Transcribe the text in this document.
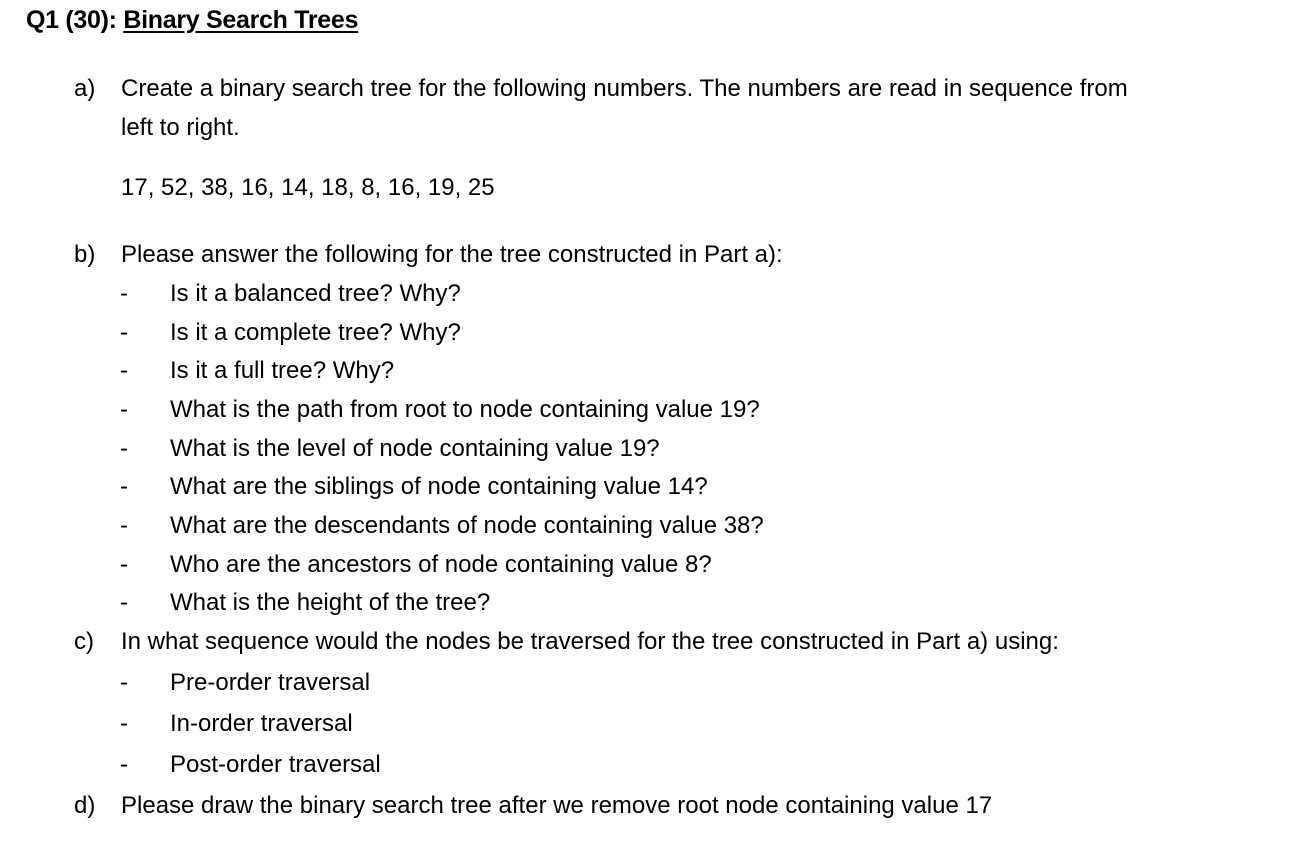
Q1 (30): Binary Search Trees
a) Create a binary search tree for the following numbers. The numbers are read in sequence from
left to right.
17, 52, 38, 16, 14, 18, 8, 16, 19, 25
b) Please answer the following for the tree constructed in Part a):
- Is it a balanced tree? Why?
- Is it a complete tree? Why?
- Is it a full tree? Why?
- What is the path from root to node containing value 19?
- What is the level of node containing value 19?
- What are the siblings of node containing value 14?
- What are the descendants of node containing value 38?
- Who are the ancestors of node containing value 8?
- What is the height of the tree?
c) In what sequence would the nodes be traversed for the tree constructed in Part a) using:
- Pre-order traversal
- In-order traversal
- Post-order traversal
d) Please draw the binary search tree after we remove root node containing value 17
